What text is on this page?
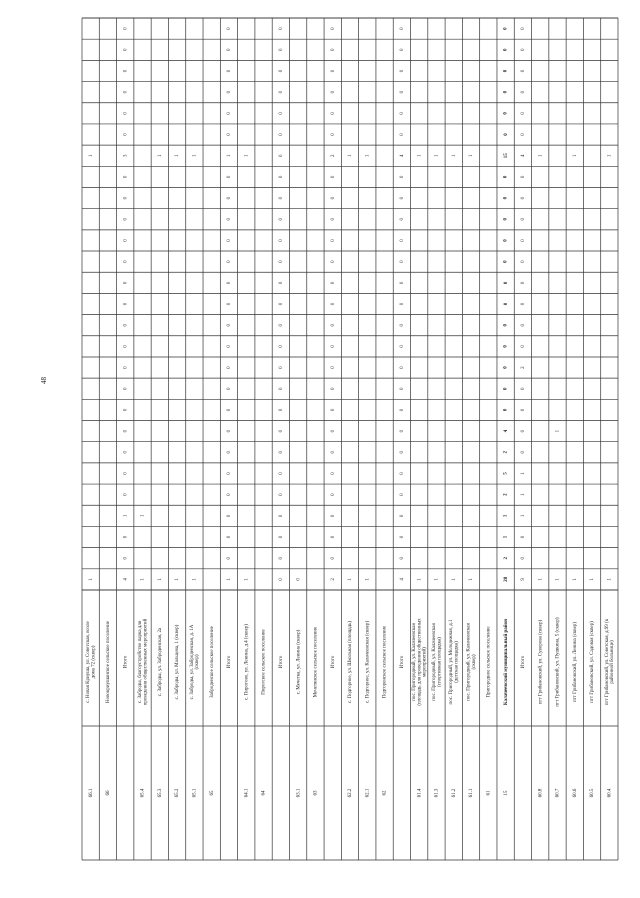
48
60.4
пгт Грибановский, ул. Советская, д.99 (к районной больнице)
1
1
60.5
пгт Грибановский, ул. Садовая (сквер)
1
60.6
пгт Грибановский, ул. Ленина (сквер)
1
1
60.7
пгт Грибановский, ул. Пушкина, 5 (сквер)
1
1
60.8
пгт Грибановский, ул. Суворова (сквер)
1
1
Итого
9
0
0
1
1
1
0
0
0
0
2
0
0
0
0
0
0
0
0
0
4
0
0
0
0
0
0
15
Калачеевский муниципальный район
28
2
1
1
2
5
2
4
0
0
0
0
0
0
0
0
0
0
0
0
15
0
0
0
0
0
0
61
Пригородное сельское поселение
61.1
пос. Пригородный, ул. Калачеевская (сквер)
1
1
61.2
пос. Пригородный, ул. Молодежная, д.1 (детская площадка)
1
1
61.3
пос. Пригородный, ул. Калачеевская (спортивная площадка)
1
1
61.4
пос. Пригородный, ул. Калачеевская (площадь для проведения общественных мероприятий)
1
1
Итого
4
0
0
0
0
0
0
0
0
0
0
0
0
0
0
0
0
0
0
0
4
0
0
0
0
0
0
62
Подгоренское сельское поселение
62.1
с. Подгорное, ул. Калачеевская (сквер)
1
1
62.2
с. Подгорное, ул. Школьная (площадь)
1
1
Итого
2
0
0
0
0
0
0
0
0
0
0
0
0
0
0
0
0
0
0
0
2
0
0
0
0
0
0
63
Мечетянское сельское поселение
63.1
с. Мечетка, ул. Ленина (сквер)
0
Итого
0
0
0
0
0
0
0
0
0
0
0
0
0
0
0
0
0
0
0
0
0
0
0
0
0
0
0
64
Пирогское сельское поселение
64.1
с. Пирогово, ул. Ленина, д.4 (сквер)
1
1
Итого
1
0
0
0
0
0
0
0
0
0
0
0
0
0
0
0
0
0
0
0
1
0
0
0
0
0
0
65
Заброденское сельское поселение
65.1
с. Заброды, ул. Заброденская, д. 1А (сквер)
1
1
65.2
с. Заброды, ул. Мальцева, 1 (сквер)
1
1
65.3
с. Заброды, ул. Заброденская, 2а
1
1
65.4
с. Заброды, благоустройство парка для проведения общественных мероприятий
1
1
Итого
4
0
0
1
0
0
0
0
0
0
0
0
0
0
0
0
0
0
0
0
3
0
0
0
0
0
0
66
Новокриушанское сельское поселение
66.1
с. Новая Криуша, ул. Советская, возле дома 72 (сквер)
1
1
